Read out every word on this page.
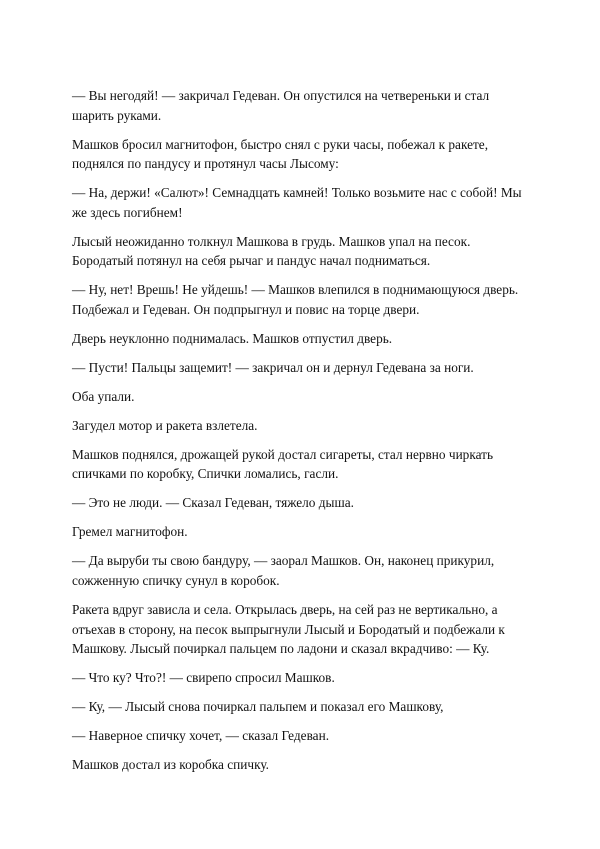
— Вы негодяй! — закричал Гедеван. Он опустился на четвереньки и стал шарить руками.

Машков бросил магнитофон, быстро снял с руки часы, побежал к ракете, поднялся по пандусу и протянул часы Лысому:

— На, держи! «Салют»! Семнадцать камней! Только возьмите нас с собой! Мы же здесь погибнем!

Лысый неожиданно толкнул Машкова в грудь. Машков упал на песок. Бородатый потянул на себя рычаг и пандус начал подниматься.

— Ну, нет! Врешь! Не уйдешь! — Машков влепился в поднимающуюся дверь. Подбежал и Гедеван. Он подпрыгнул и повис на торце двери.

Дверь неуклонно поднималась. Машков отпустил дверь.

— Пусти! Пальцы защемит! — закричал он и дернул Гедевана за ноги.

Оба упали.

Загудел мотор и ракета взлетела.

Машков поднялся, дрожащей рукой достал сигареты, стал нервно чиркать спичками по коробку, Спички ломались, гасли.

— Это не люди. — Сказал Гедеван, тяжело дыша.

Гремел магнитофон.

— Да выруби ты свою бандуру, — заорал Машков. Он, наконец прикурил, сожженную спичку сунул в коробок.

Ракета вдруг зависла и села. Открылась дверь, на сей раз не вертикально, а отъехав в сторону, на песок выпрыгнули Лысый и Бородатый и подбежали к Машкову. Лысый почиркал пальцем по ладони и сказал вкрадчиво: — Ку.

— Что ку? Что?! — свирепо спросил Машков.

— Ку, — Лысый снова почиркал пальпем и показал его Машкову,

— Наверное спичку хочет, — сказал Гедеван.

Машков достал из коробка спичку.
